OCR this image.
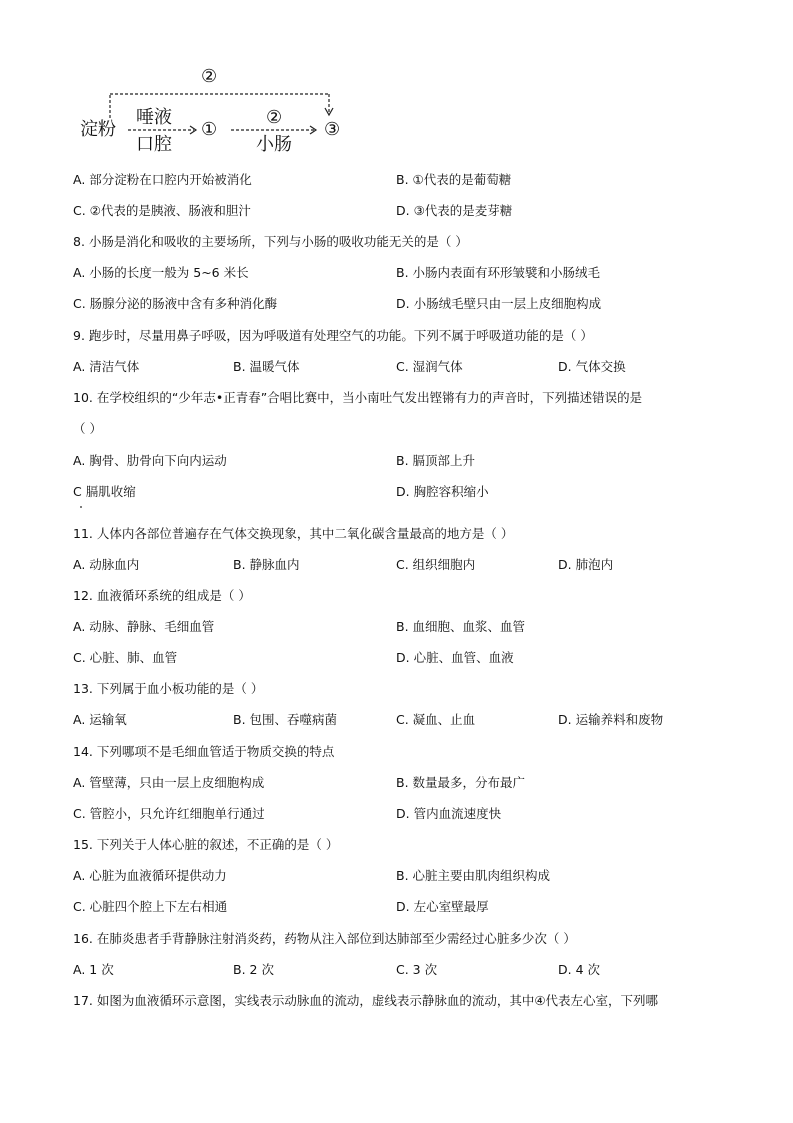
②
淀粉
唾液
口腔
①
②
小肠
③
A. 部分淀粉在口腔内开始被消化	B. ①代表的是葡萄糖
C. ②代表的是胰液、肠液和胆汁	D. ③代表的是麦芽糖
8. 小肠是消化和吸收的主要场所，下列与小肠的吸收功能无关的是（ ）
A. 小肠的长度一般为 5~6 米长	B. 小肠内表面有环形皱襞和小肠绒毛
C. 肠腺分泌的肠液中含有多种消化酶	D. 小肠绒毛壁只由一层上皮细胞构成
9. 跑步时，尽量用鼻子呼吸，因为呼吸道有处理空气的功能。下列不属于呼吸道功能的是（ ）
A. 清洁气体	B. 温暖气体	C. 湿润气体	D. 气体交换
10. 在学校组织的“少年志•正青春”合唱比赛中，当小南吐气发出铿锵有力的声音时，下列描述错误的是
（ ）
A. 胸骨、肋骨向下向内运动	B. 膈顶部上升
C 膈肌收缩	D. 胸腔容积缩小
11. 人体内各部位普遍存在气体交换现象，其中二氧化碳含量最高的地方是（ ）
A. 动脉血内	B. 静脉血内	C. 组织细胞内	D. 肺泡内
12. 血液循环系统的组成是（ ）
A. 动脉、静脉、毛细血管	B. 血细胞、血浆、血管
C. 心脏、肺、血管	D. 心脏、血管、血液
13. 下列属于血小板功能的是（ ）
A. 运输氧	B. 包围、吞噬病菌	C. 凝血、止血	D. 运输养料和废物
14. 下列哪项不是毛细血管适于物质交换的特点
A. 管壁薄，只由一层上皮细胞构成	B. 数量最多，分布最广
C. 管腔小，只允许红细胞单行通过	D. 管内血流速度快
15. 下列关于人体心脏的叙述，不正确的是（ ）
A. 心脏为血液循环提供动力	B. 心脏主要由肌肉组织构成
C. 心脏四个腔上下左右相通	D. 左心室壁最厚
16. 在肺炎患者手背静脉注射消炎药，药物从注入部位到达肺部至少需经过心脏多少次（ ）
A. 1 次	B. 2 次	C. 3 次	D. 4 次
17. 如图为血液循环示意图，实线表示动脉血的流动，虚线表示静脉血的流动，其中④代表左心室，下列哪
